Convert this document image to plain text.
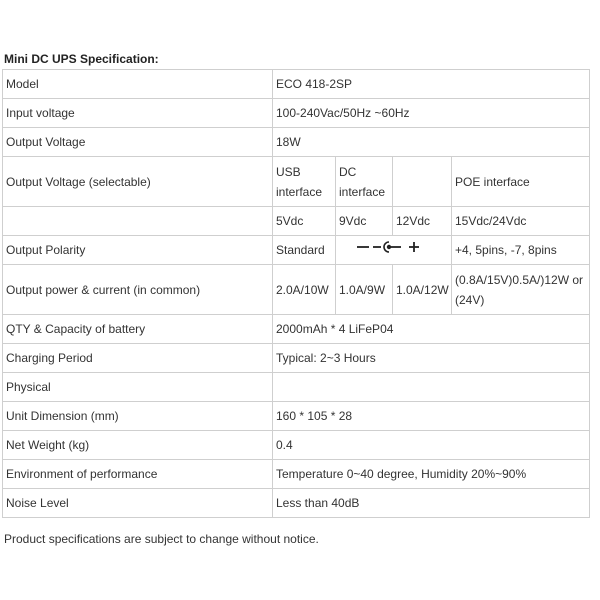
Mini DC UPS Specification:
Model	ECO 418-2SP			
Input voltage	100-240Vac/50Hz ~60Hz			
Output Voltage	18W			
Output Voltage (selectable)	USB interface	DC interface		POE interface
	5Vdc	9Vdc	12Vdc	15Vdc/24Vdc
Output Polarity	Standard			+4, 5pins, -7, 8pins
Output power & current (in common)	2.0A/10W	1.0A/9W	1.0A/12W	(0.8A/15V)0.5A/)12W or (24V)
QTY & Capacity of battery	2000mAh * 4 LiFeP04			
Charging Period	Typical: 2~3 Hours			
Physical				
Unit Dimension (mm)	160 * 105 * 28			
Net Weight (kg)	0.4			
Environment of performance	Temperature 0~40 degree, Humidity 20%~90%			
Noise Level	Less than 40dB			
Product specifications are subject to change without notice.
